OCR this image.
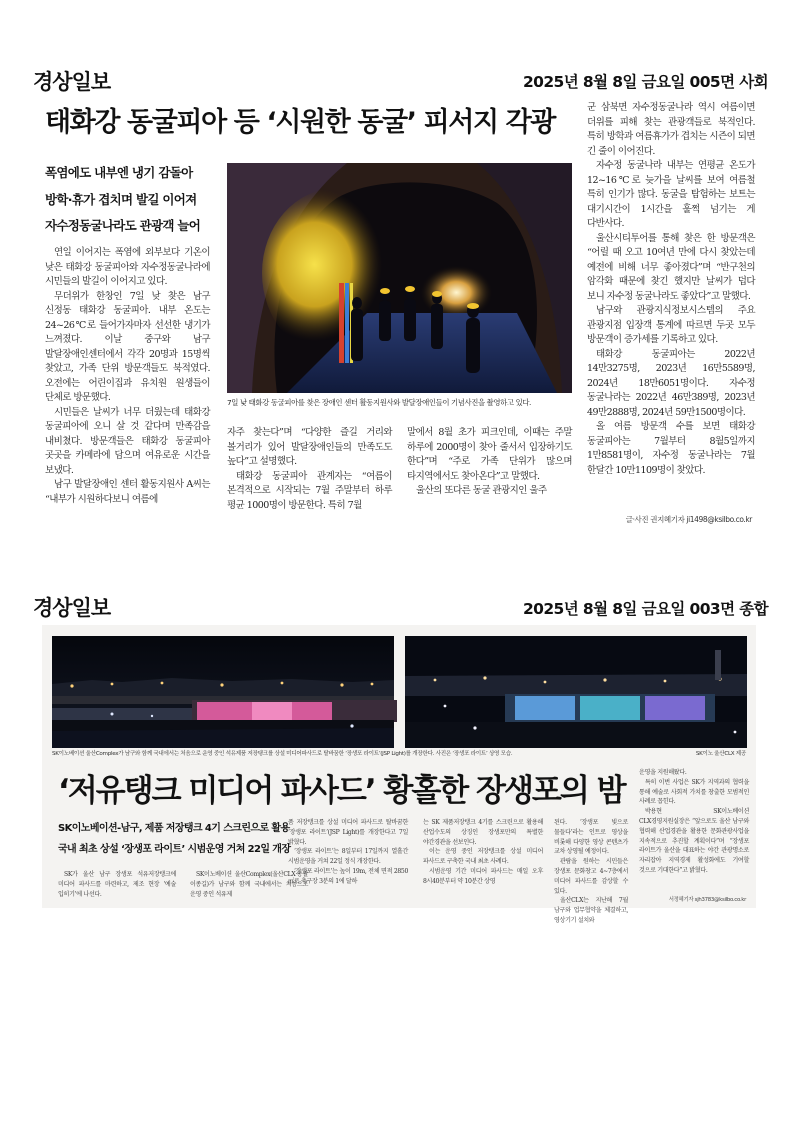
경상일보	2025년 8월 8일 금요일 005면 사회
태화강 동굴피아 등 ‘시원한 동굴’ 피서지 각광
폭염에도 내부엔 냉기 감돌아
방학·휴가 겹치며 발길 이어져
자수정동굴나라도 관광객 늘어
7일 낮 태화강 동굴피아를 찾은 장애인 센터 활동지원사와 발달장애인들이 기념사진을 촬영하고 있다.

연일 이어지는 폭염에 외부보다 기온이 낮은 태화강 동굴피아와 자수정동굴나라에 시민들의 발길이 이어지고 있다.

무더위가 한창인 7일 낮 찾은 남구 신정동 태화강 동굴피아. 내부 온도는 24~26℃로 들어가자마자 선선한 냉기가 느껴졌다. 이날 중구와 남구 발달장애인센터에서 각각 20명과 15명씩 찾았고, 가족 단위 방문객들도 북적였다. 오전에는 어린이집과 유치원 원생들이 단체로 방문했다.

시민들은 날씨가 너무 더웠는데 태화강 동굴피아에 오니 살 것 같다며 만족감을 내비쳤다. 방문객들은 태화강 동굴피아 곳곳을 카메라에 담으며 여유로운 시간을 보냈다.

남구 발달장애인 센터 활동지원사 A씨는 “내부가 시원하다보니 여름에

자주 찾는다”며 “다양한 즐길 거리와 볼거리가 있어 발달장애인들의 만족도도 높다”고 설명했다.

태화강 동굴피아 관계자는 “여름이 본격적으로 시작되는 7월 주말부터 하루 평균 1000명이 방문한다. 특히 7월

말에서 8월 초가 피크인데, 이때는 주말 하루에 2000명이 찾아 줄서서 입장하기도 한다”며 “주로 가족 단위가 많으며 타지역에서도 찾아온다”고 말했다.

울산의 또다른 동굴 관광지인 울주

군 삼북면 자수정동굴나라 역시 여름이면 더위를 피해 찾는 관광객들로 북적인다. 특히 방학과 여름휴가가 겹치는 시즌이 되면 긴 줄이 이어진다.

자수정 동굴나라 내부는 연평균 온도가 12~16℃로 늦가을 날씨를 보여 여름철 특히 인기가 많다. 동굴을 탐험하는 보트는 대기시간이 1시간을 훌쩍 넘기는 게 다반사다.

울산시티투어를 통해 찾은 한 방문객은 “어릴 때 오고 10여년 만에 다시 찾았는데 예전에 비해 너무 좋아졌다”며 “반구천의 암각화 때문에 찾긴 했지만 날씨가 덥다 보니 자수정 동굴나라도 좋았다”고 말했다.

남구와 관광지식정보시스템의 주요 관광지점 입장객 통계에 따르면 두곳 모두 방문객이 증가세를 기록하고 있다.

태화강 동굴피아는 2022년 14만3275명, 2023년 16만5589명, 2024년 18만6051명이다. 자수정 동굴나라는 2022년 46만389명, 2023년 49만2888명, 2024년 59만1500명이다.

올 여름 방문객 수를 보면 태화강 동굴피아는 7월부터 8월5일까지 1만8581명이, 자수정 동굴나라는 7월 한달간 10만1109명이 찾았다.

글·사진 권지혜기자 ji1498@ksilbo.co.kr
경상일보	2025년 8월 8일 금요일 003면 종합
SK이노베이션 울산Complex가 남구와 함께 국내에서는 처음으로 운영 중인 석유제품 저장탱크를 상설 미디어파사드로 탈바꿈한 ‘장생포 라이트’(JSP Light)를 개장한다. 사진은 ‘장생포 라이트’ 상영 모습.	SK이노 울산CLX 제공
‘저유탱크 미디어 파사드’ 황홀한 장생포의 밤
SK이노베이션-남구, 제품 저장탱크 4기 스크린으로 활용
국내 최초 상설 ‘장생포 라이트’ 시범운영 거쳐 22일 개장

SK가 울산 남구 장생포 석유저장탱크에 미디어 파사드를 마련하고, 제조 현장 ‘예술 입히기’에 나선다.

SK이노베이션 울산Complex(울산CLX·총괄 이종길)가 남구와 함께 국내에서는 처음으로 운영 중인 석유제

품 저장탱크를 상설 미디어 파사드로 탈바꿈한 ‘장생포 라이트’(JSP Light)를 개장한다고 7일 밝혔다.

‘장생포 라이트’는 8일부터 17일까지 열흘간 시범운영을 거쳐 22일 정식 개장한다.

‘장생포 라이트’는 높이 19m, 전체 면적 2850㎡로 축구장 3분의 1에 달하

는 SK 제품저장탱크 4기를 스크린으로 활용해 산업수도의 상징인 장생포만의 특별한 야간경관을 선보인다.

이는 운영 중인 저장탱크를 상설 미디어 파사드로 구축한 국내 최초 사례다.

시범운영 기간 미디어 파사드는 매일 오후 8시40분부터 약 10분간 상영

된다. ‘장생포 빛으로 물들다’라는 인트로 영상을 비롯해 다양한 영상 콘텐츠가 교차 상영될 예정이다.

관람을 원하는 시민들은 장생포 문화창고 4~7층에서 미디어 파사드를 감상할 수 있다.

울산CLX는 지난해 7월 남구와 업무협약을 체결하고, 영상기기 설치와

운영을 지원해왔다.

특히 이번 사업은 SK가 지역과의 협력을 통해 예술로 사회적 가치를 창출한 모범적인 사례로 꼽힌다.

박용현 SK이노베이션 CLX경영지원실장은 “앞으로도 울산 남구와 협력해 산업경관을 활용한 문화관광사업을 지속적으로 추진할 계획이다”며 “장생포 라이트가 울산을 대표하는 야간 관광명소로 자리잡아 지역경제 활성화에도 기여할 것으로 기대한다”고 밝혔다.

서정혜기자 sjh3783@ksilbo.co.kr
